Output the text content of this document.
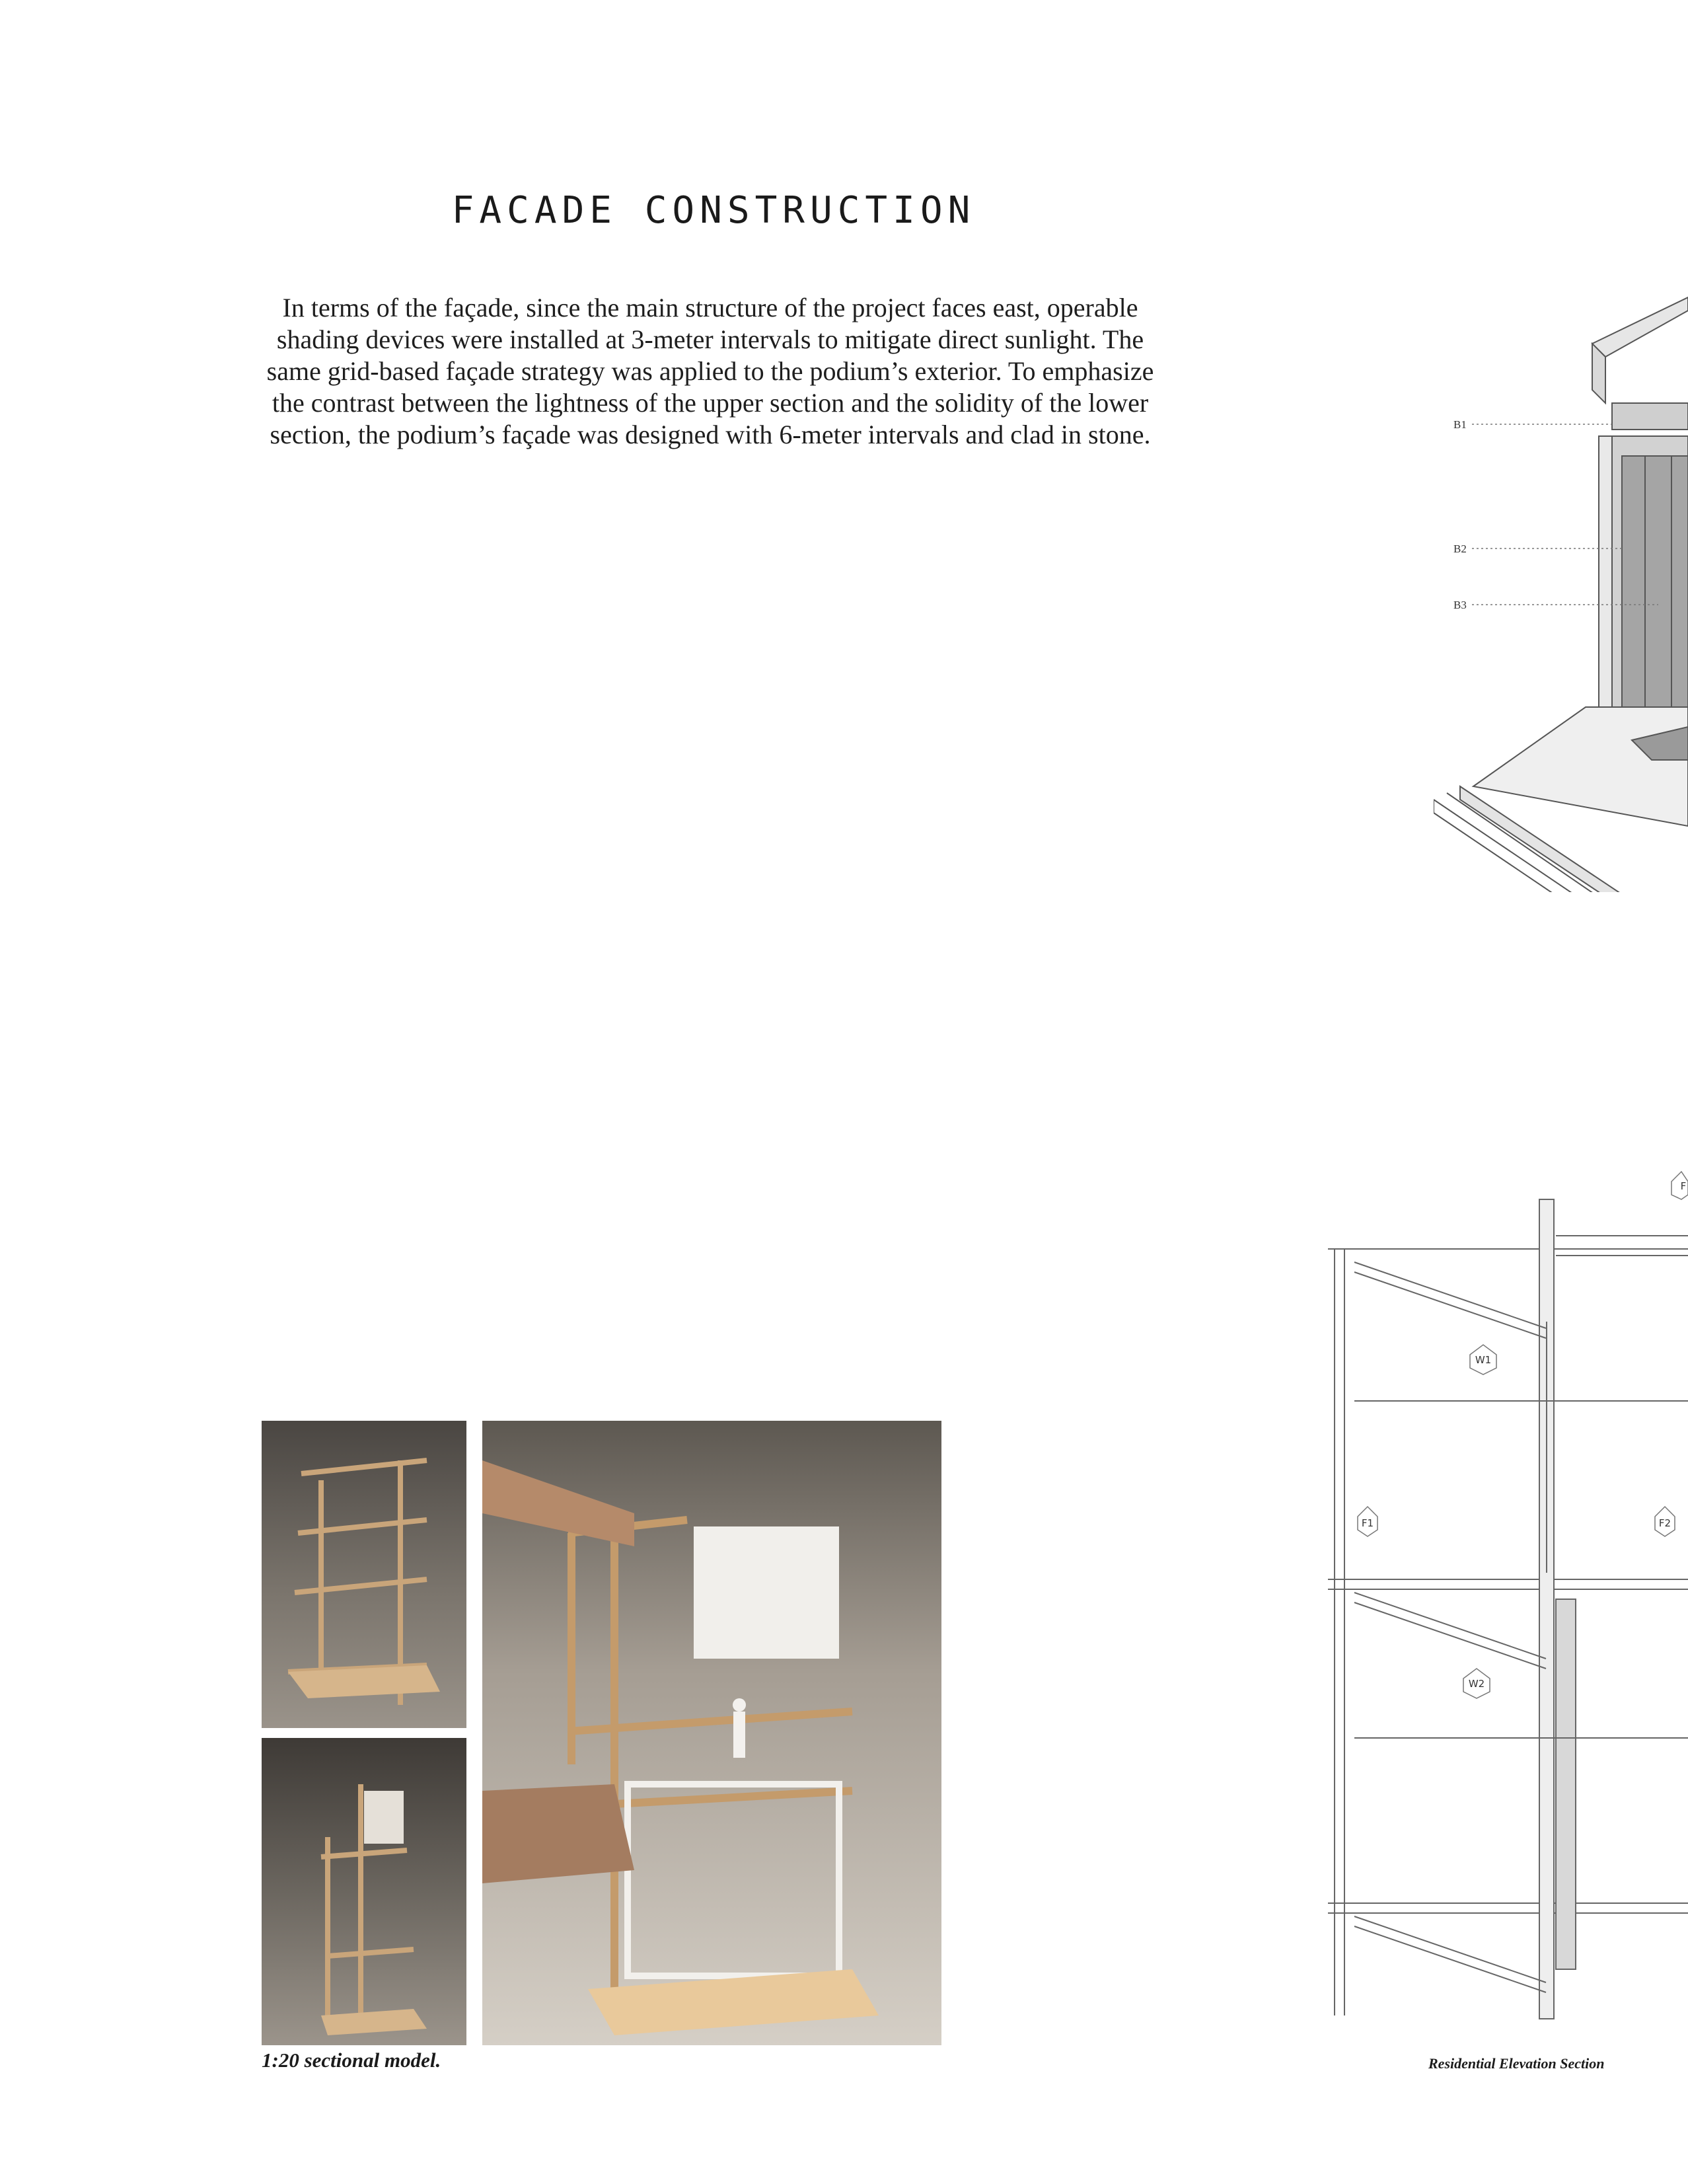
FACADE CONSTRUCTION
In terms of the façade, since the main structure of the project faces east, operable shading devices were installed at 3-meter intervals to mitigate direct sunlight. The same grid-based façade strategy was applied to the podium’s exterior. To emphasize the contrast between the lightness of the upper section and the solidity of the lower section, the podium’s façade was designed with 6-meter intervals and clad in stone.	B1
B2
B3
1:20 sectional model.
W1
W2
F1	F2
F
Residential Elevation Section
